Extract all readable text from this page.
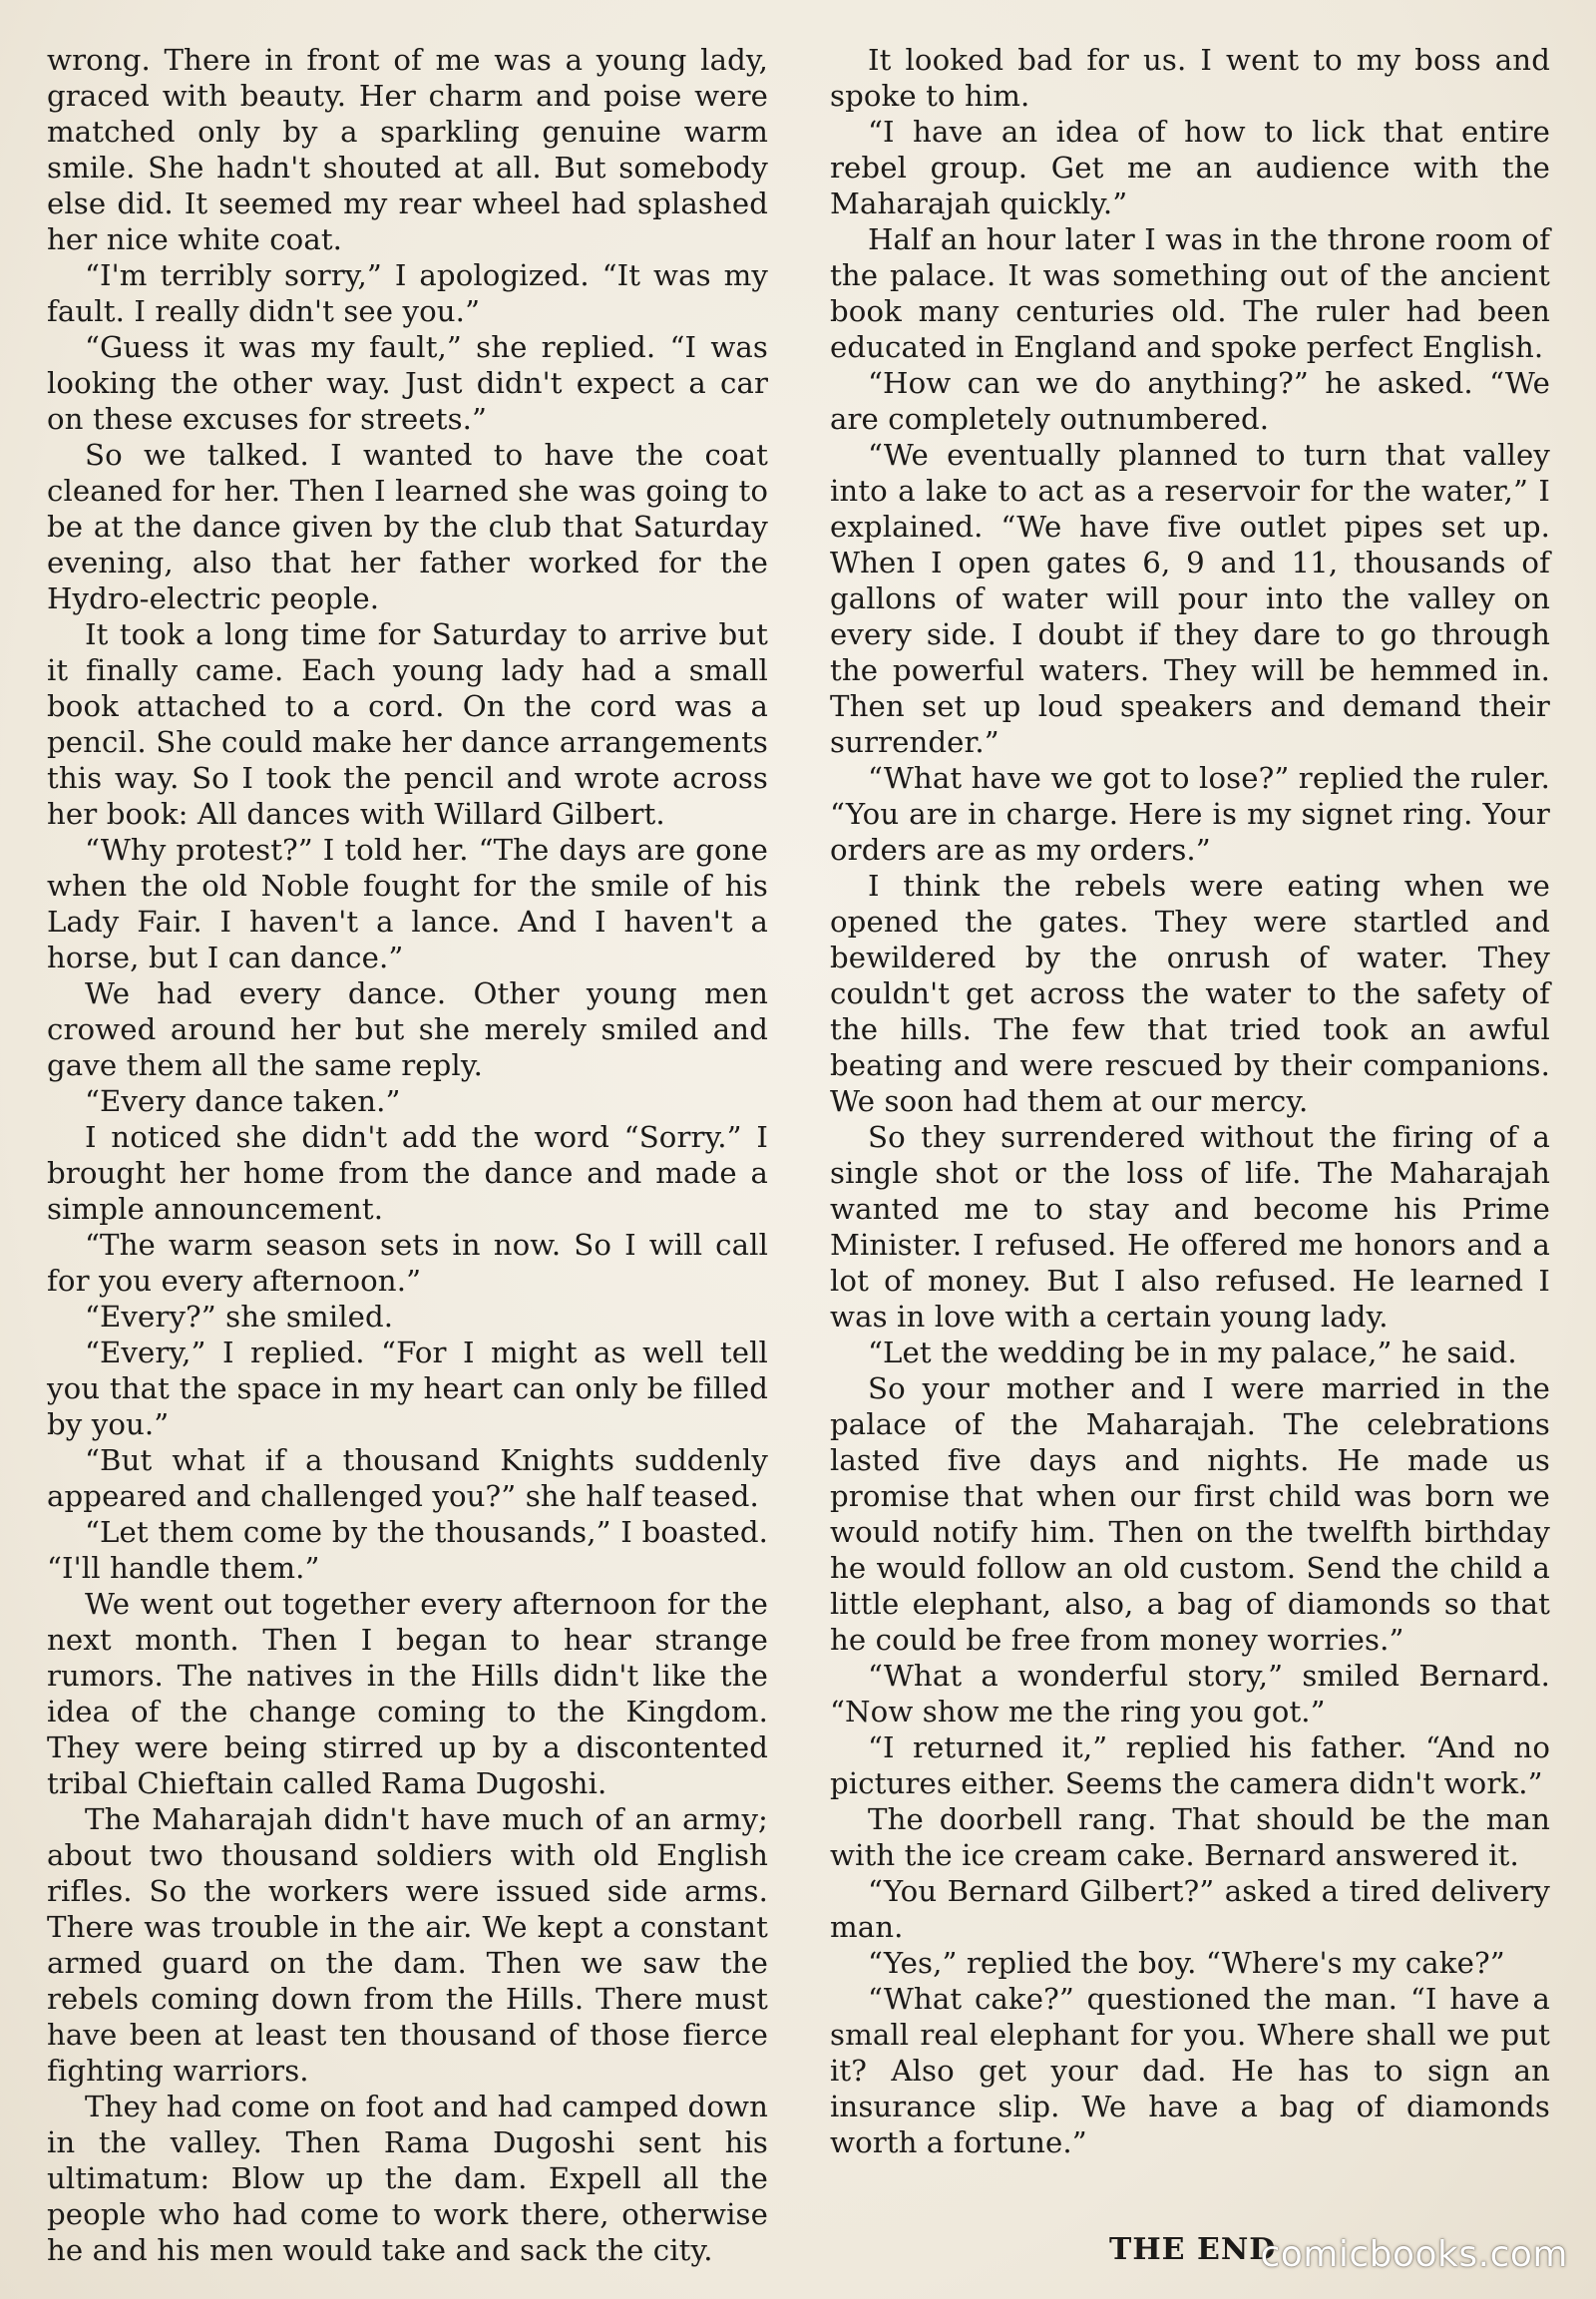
wrong. There in front of me was a young lady, graced with beauty. Her charm and poise were matched only by a sparkling genuine warm smile. She hadn't shouted at all. But somebody else did. It seemed my rear wheel had splashed her nice white coat.

“I'm terribly sorry,” I apologized. “It was my fault. I really didn't see you.”

“Guess it was my fault,” she replied. “I was looking the other way. Just didn't expect a car on these excuses for streets.”

So we talked. I wanted to have the coat cleaned for her. Then I learned she was going to be at the dance given by the club that Saturday evening, also that her father worked for the Hydro-electric people.

It took a long time for Saturday to arrive but it finally came. Each young lady had a small book attached to a cord. On the cord was a pencil. She could make her dance arrangements this way. So I took the pencil and wrote across her book: All dances with Willard Gilbert.

“Why protest?” I told her. “The days are gone when the old Noble fought for the smile of his Lady Fair. I haven't a lance. And I haven't a horse, but I can dance.”

We had every dance. Other young men crowed around her but she merely smiled and gave them all the same reply.

“Every dance taken.”

I noticed she didn't add the word “Sorry.” I brought her home from the dance and made a simple announcement.

“The warm season sets in now. So I will call for you every afternoon.”

“Every?” she smiled.

“Every,” I replied. “For I might as well tell you that the space in my heart can only be filled by you.”

“But what if a thousand Knights suddenly appeared and challenged you?” she half teased.

“Let them come by the thousands,” I boasted. “I'll handle them.”

We went out together every afternoon for the next month. Then I began to hear strange rumors. The natives in the Hills didn't like the idea of the change coming to the Kingdom. They were being stirred up by a discontented tribal Chieftain called Rama Dugoshi.

The Maharajah didn't have much of an army; about two thousand soldiers with old English rifles. So the workers were issued side arms. There was trouble in the air. We kept a constant armed guard on the dam. Then we saw the rebels coming down from the Hills. There must have been at least ten thousand of those fierce fighting warriors.

They had come on foot and had camped down in the valley. Then Rama Dugoshi sent his ultimatum: Blow up the dam. Expell all the people who had come to work there, otherwise he and his men would take and sack the city.

It looked bad for us. I went to my boss and spoke to him.

“I have an idea of how to lick that entire rebel group. Get me an audience with the Maharajah quickly.”

Half an hour later I was in the throne room of the palace. It was something out of the ancient book many centuries old. The ruler had been educated in England and spoke perfect English.

“How can we do anything?” he asked. “We are completely outnumbered.

“We eventually planned to turn that valley into a lake to act as a reservoir for the water,” I explained. “We have five outlet pipes set up. When I open gates 6, 9 and 11, thousands of gallons of water will pour into the valley on every side. I doubt if they dare to go through the powerful waters. They will be hemmed in. Then set up loud speakers and demand their surrender.”

“What have we got to lose?” replied the ruler. “You are in charge. Here is my signet ring. Your orders are as my orders.”

I think the rebels were eating when we opened the gates. They were startled and bewildered by the onrush of water. They couldn't get across the water to the safety of the hills. The few that tried took an awful beating and were rescued by their companions. We soon had them at our mercy.

So they surrendered without the firing of a single shot or the loss of life. The Maharajah wanted me to stay and become his Prime Minister. I refused. He offered me honors and a lot of money. But I also refused. He learned I was in love with a certain young lady.

“Let the wedding be in my palace,” he said.

So your mother and I were married in the palace of the Maharajah. The celebrations lasted five days and nights. He made us promise that when our first child was born we would notify him. Then on the twelfth birthday he would follow an old custom. Send the child a little elephant, also, a bag of diamonds so that he could be free from money worries.”

“What a wonderful story,” smiled Bernard. “Now show me the ring you got.”

“I returned it,” replied his father. “And no pictures either. Seems the camera didn't work.”

The doorbell rang. That should be the man with the ice cream cake. Bernard answered it.

“You Bernard Gilbert?” asked a tired delivery man.

“Yes,” replied the boy. “Where's my cake?”

“What cake?” questioned the man. “I have a small real elephant for you. Where shall we put it? Also get your dad. He has to sign an insurance slip. We have a bag of diamonds worth a fortune.”

THE END
comicbooks.com
